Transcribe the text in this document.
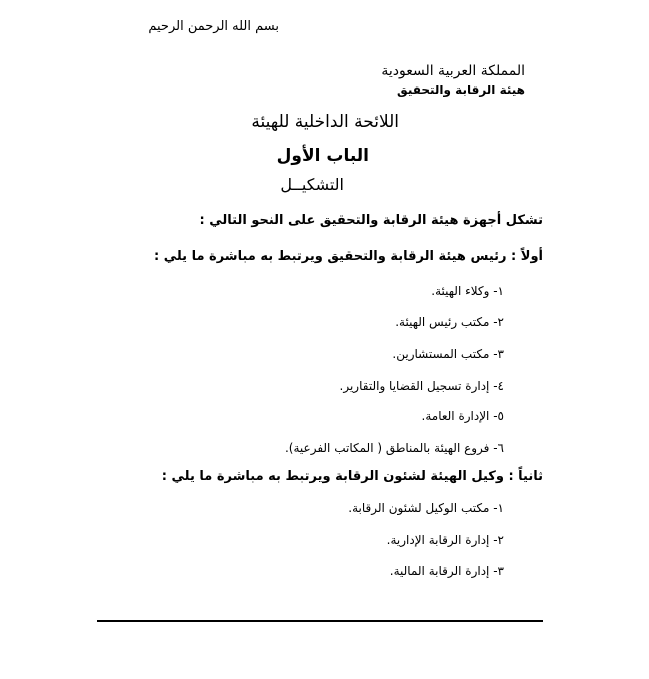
بسم الله الرحمن الرحيم
المملكة العربية السعودية
هيئة الرقابة والتحقيق
اللائحة الداخلية للهيئة
الباب الأول
التشكيــل
تشكل أجهزة هيئة الرقابة والتحقيق على النحو التالي :
أولاً : رئيس هيئة الرقابة والتحقيق ويرتبط به مباشرة ما يلي :
١- وكلاء الهيئة.
٢- مكتب رئيس الهيئة.
٣- مكتب المستشارين.
٤- إدارة تسجيل القضايا والتقارير.
٥- الإدارة العامة.
٦- فروع الهيئة بالمناطق ( المكاتب الفرعية).
ثانياً : وكيل الهيئة لشئون الرقابة ويرتبط به مباشرة ما يلي :
١- مكتب الوكيل لشئون الرقابة.
٢- إدارة الرقابة الإدارية.
٣- إدارة الرقابة المالية.
